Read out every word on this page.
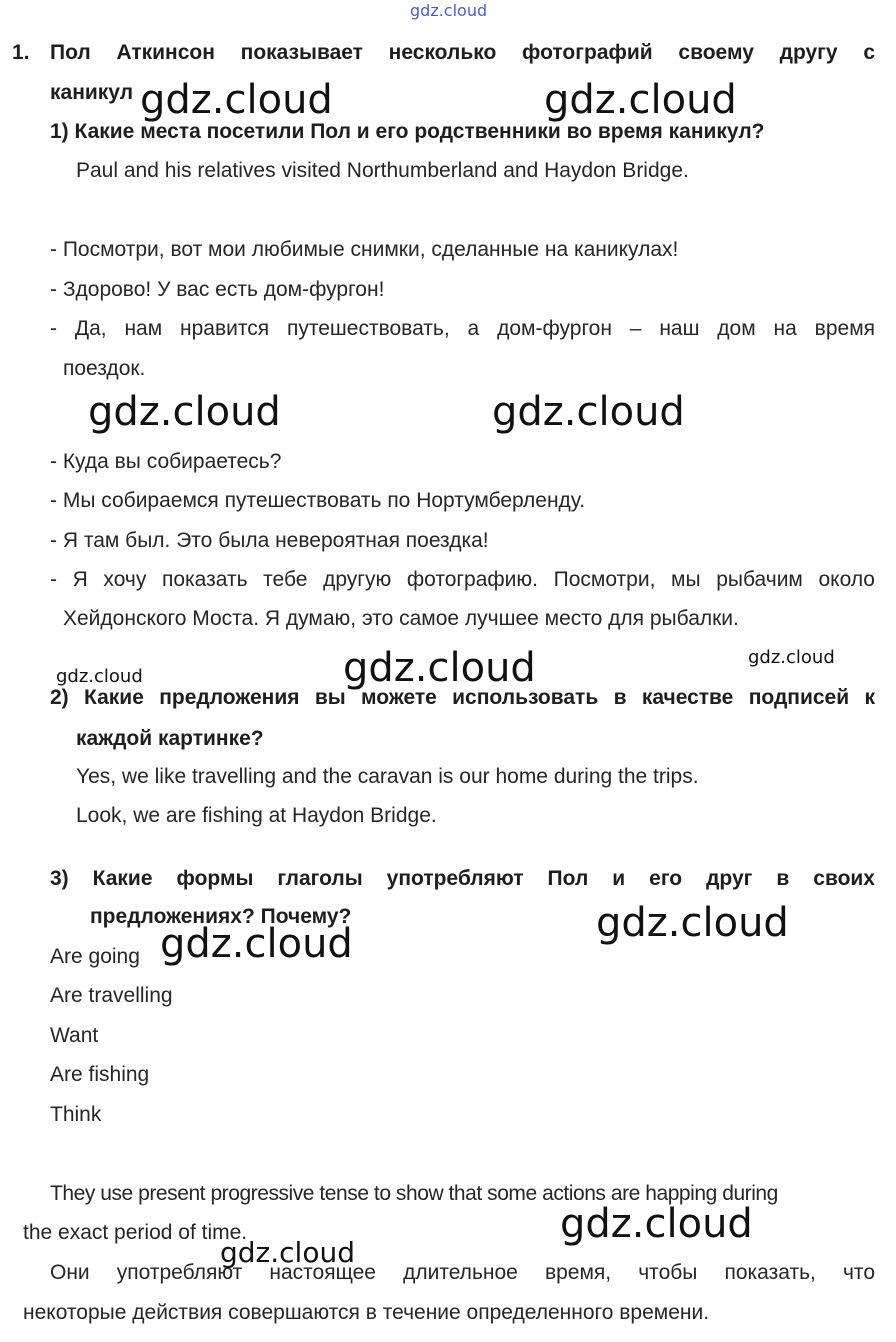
gdz.cloud
1. Пол Аткинсон показывает несколько фотографий своему другу с
каникул
1) Какие места посетили Пол и его родственники во время каникул?
Paul and his relatives visited Northumberland and Haydon Bridge.
- Посмотри, вот мои любимые снимки, сделанные на каникулах!
- Здорово! У вас есть дом-фургон!
- Да, нам нравится путешествовать, а дом-фургон – наш дом на время
поездок.
- Куда вы собираетесь?
- Мы собираемся путешествовать по Нортумберленду.
- Я там был. Это была невероятная поездка!
- Я хочу показать тебе другую фотографию. Посмотри, мы рыбачим около
Хейдонского Моста. Я думаю, это самое лучшее место для рыбалки.
2) Какие предложения вы можете использовать в качестве подписей к
каждой картинке?
Yes, we like travelling and the caravan is our home during the trips.
Look, we are fishing at Haydon Bridge.
3) Какие формы глаголы употребляют Пол и его друг в своих
предложениях? Почему?
Are going
Are travelling
Want
Are fishing
Think
They use present progressive tense to show that some actions are happing during
the exact period of time.
Они употребляют настоящее длительное время, чтобы показать, что
некоторые действия совершаются в течение определенного времени.
gdz.cloud	gdz.cloud
gdz.cloud	gdz.cloud
gdz.cloud
gdz.cloud
gdz.cloud
gdz.cloud
gdz.cloud
gdz.cloud
gdz.cloud
